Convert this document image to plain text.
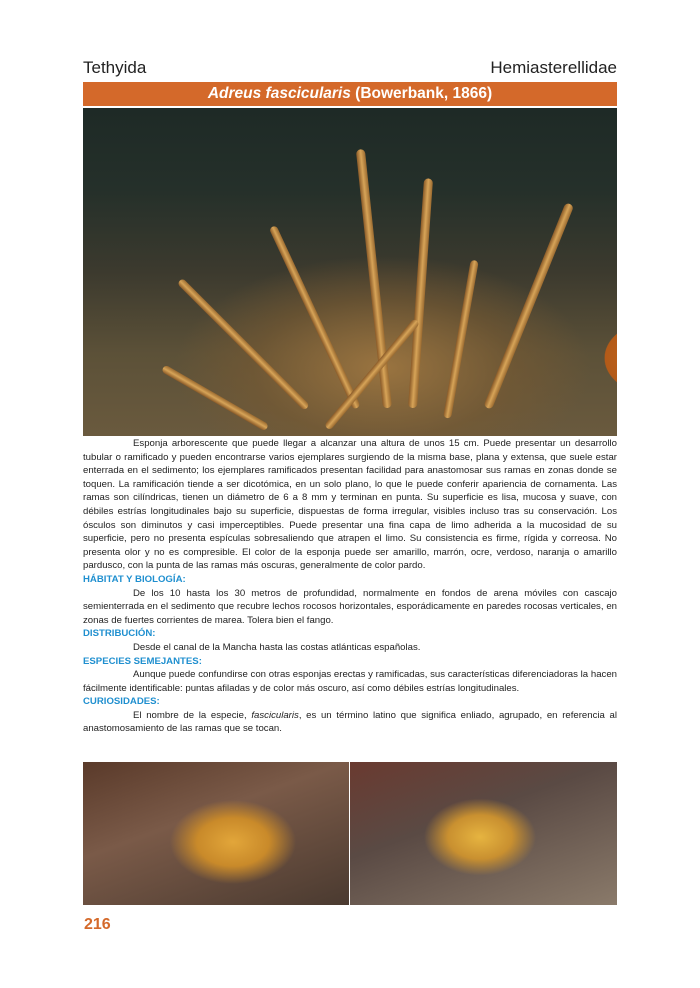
Tethyida	Hemiasterellidae
Adreus fascicularis (Bowerbank, 1866)

Esponja arborescente que puede llegar a alcanzar una altura de unos 15 cm. Puede presentar un desarrollo tubular o ramificado y pueden encontrarse varios ejemplares surgiendo de la misma base, plana y extensa, que suele estar enterrada en el sedimento; los ejemplares ramificados presentan facilidad para anastomosar sus ramas en zonas donde se toquen. La ramificación tiende a ser dicotómica, en un solo plano, lo que le puede conferir apariencia de cornamenta. Las ramas son cilíndricas, tienen un diámetro de 6 a 8 mm y terminan en punta. Su superficie es lisa, mucosa y suave, con débiles estrías longitudinales bajo su superficie, dispuestas de forma irregular, visibles incluso tras su conservación. Los ósculos son diminutos y casi imperceptibles. Puede presentar una fina capa de limo adherida a la mucosidad de su superficie, pero no presenta espículas sobresaliendo que atrapen el limo. Su consistencia es firme, rígida y correosa. No presenta olor y no es compresible. El color de la esponja puede ser amarillo, marrón, ocre, verdoso, naranja o amarillo pardusco, con la punta de las ramas más oscuras, generalmente de color pardo.

HÁBITAT Y BIOLOGÍA:

De los 10 hasta los 30 metros de profundidad, normalmente en fondos de arena móviles con cascajo semienterrada en el sedimento que recubre lechos rocosos horizontales, esporádicamente en paredes rocosas verticales, en zonas de fuertes corrientes de marea. Tolera bien el fango.

DISTRIBUCIÓN:

Desde el canal de la Mancha hasta las costas atlánticas españolas.

ESPECIES SEMEJANTES:

Aunque puede confundirse con otras esponjas erectas y ramificadas, sus características diferenciadoras la hacen fácilmente identificable: puntas afiladas y de color más oscuro, así como débiles estrías longitudinales.

CURIOSIDADES:

El nombre de la especie, fascicularis, es un término latino que significa enliado, agrupado, en referencia al anastomosamiento de las ramas que se tocan.

216
